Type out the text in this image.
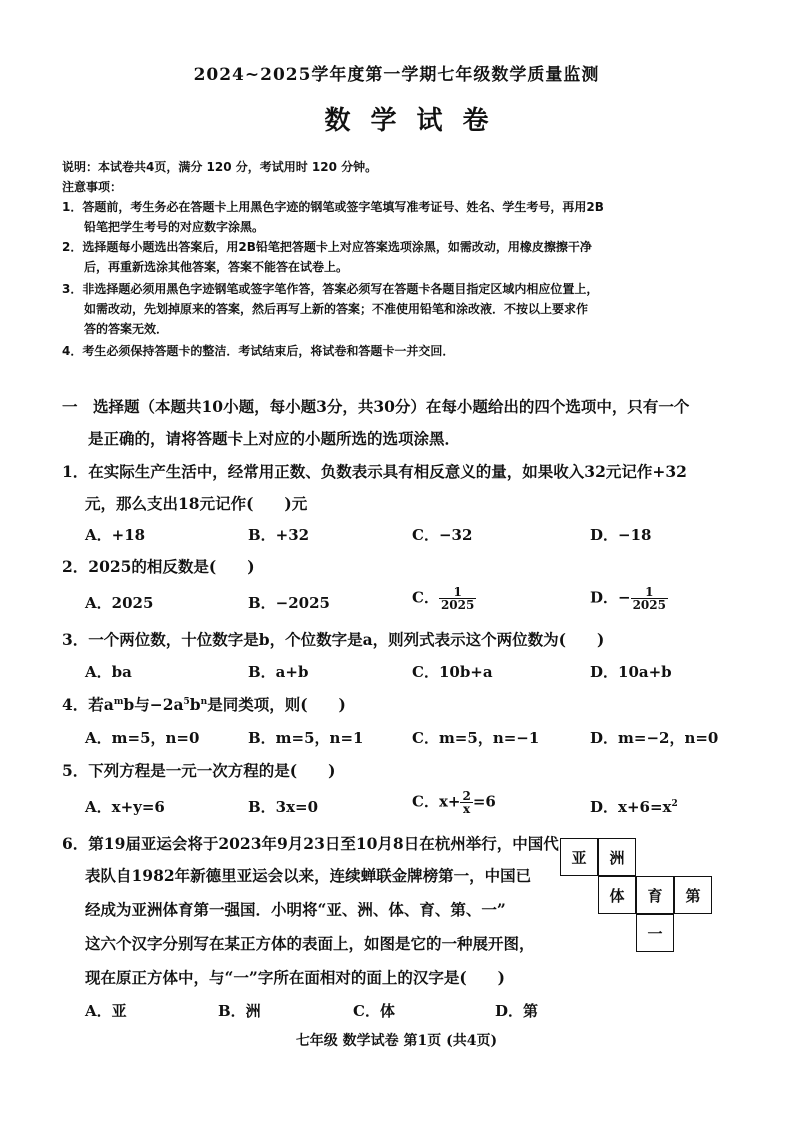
2024~2025学年度第一学期七年级数学质量监测
数学试卷
说明：本试卷共4页，满分 120 分，考试用时 120 分钟。
注意事项：
1．答题前，考生务必在答题卡上用黑色字迹的钢笔或签字笔填写准考证号、姓名、学生考号，再用2B
铅笔把学生考号的对应数字涂黑。
2．选择题每小题选出答案后，用2B铅笔把答题卡上对应答案选项涂黑，如需改动，用橡皮擦擦干净
后，再重新选涂其他答案，答案不能答在试卷上。
3．非选择题必须用黑色字迹钢笔或签字笔作答，答案必须写在答题卡各题目指定区域内相应位置上，
如需改动，先划掉原来的答案，然后再写上新的答案；不准使用铅笔和涂改液．不按以上要求作
答的答案无效．
4．考生必须保持答题卡的整洁．考试结束后，将试卷和答题卡一并交回．
一　选择题（本题共10小题，每小题3分，共30分）在每小题给出的四个选项中，只有一个
是正确的，请将答题卡上对应的小题所选的选项涂黑．
1．在实际生产生活中，经常用正数、负数表示具有相反意义的量，如果收入32元记作+32
元，那么支出18元记作(　　)元
A．+18	B．+32	C．−32	D．−18
2．2025的相反数是(　　)
A．2025	B．−2025	C． $\frac{1}{2025}$	D．− $\frac{1}{2025}$
3．一个两位数，十位数字是b，个位数字是a，则列式表示这个两位数为(　　)
A．ba	B．a+b	C．10b+a	D．10a+b
4．若$a^mb$与$-2a^5b^n$是同类项，则(　　)
A．m=5，n=0	B．m=5，n=1	C．m=5，n=−1	D．m=−2，n=0
5．下列方程是一元一次方程的是(　　)
A．x+y=6	B．3x=0	C．$x+ \frac{2}{x} =6$	D．$x+6=x^2$
6．第19届亚运会将于2023年9月23日至10月8日在杭州举行，中国代
表队自1982年新德里亚运会以来，连续蝉联金牌榜第一，中国已
经成为亚洲体育第一强国．小明将“亚、洲、体、育、第、一”
这六个汉字分别写在某正方体的表面上，如图是它的一种展开图，
现在原正方体中，与“一”字所在面相对的面上的汉字是(　　)
A．亚	B．洲	C．体	D．第
亚	洲
体	育	第
一
七年级 数学试卷 第1页 (共4页)
